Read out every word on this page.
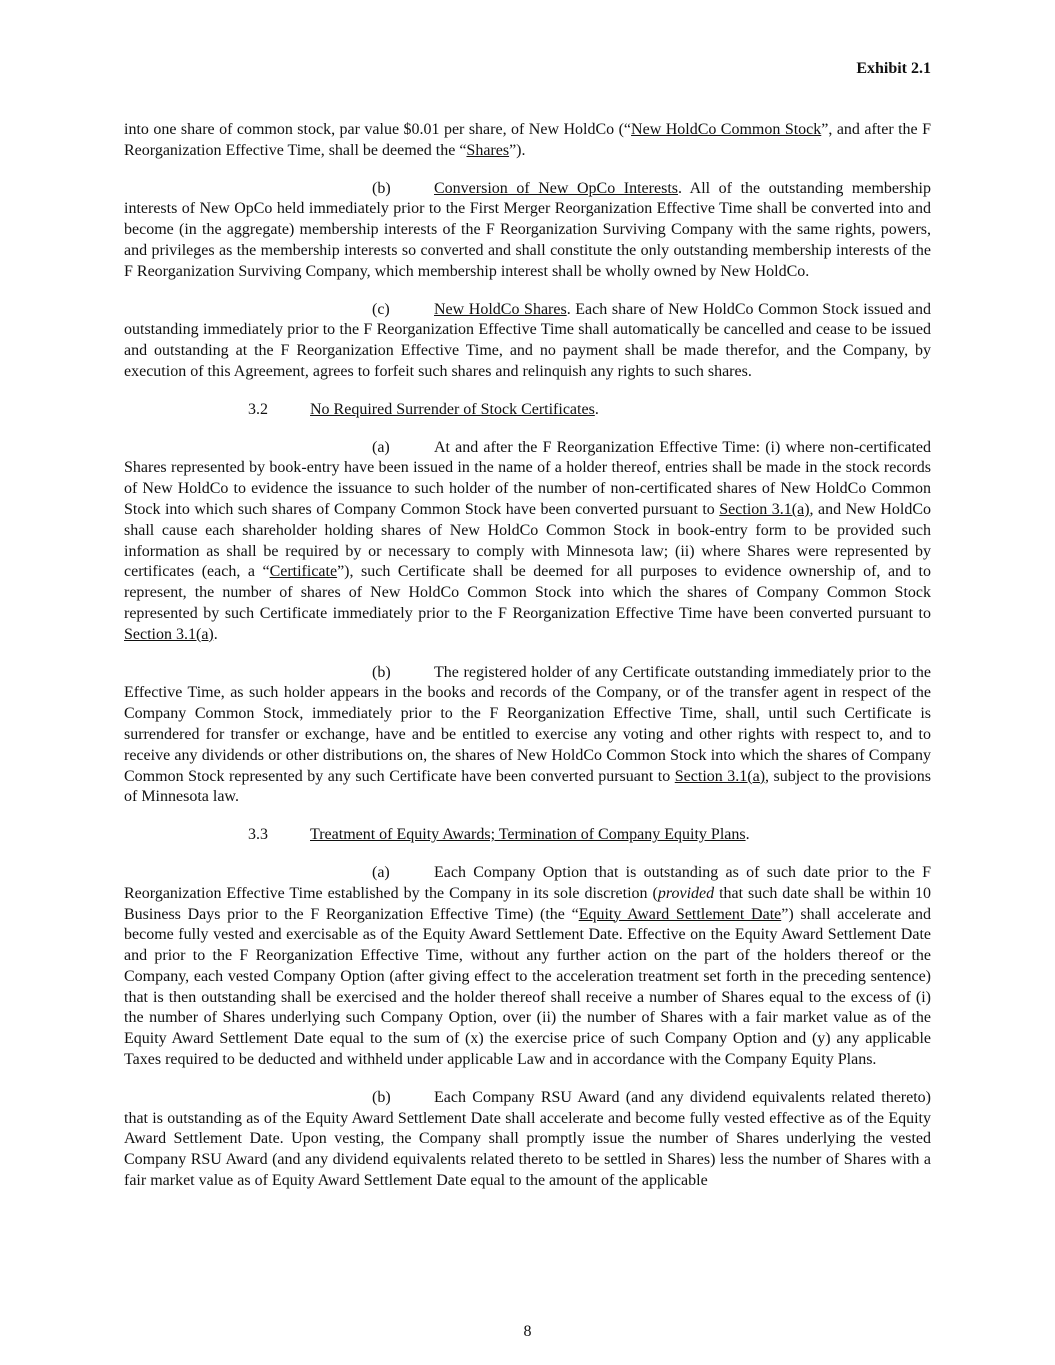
Exhibit 2.1

into one share of common stock, par value $0.01 per share, of New HoldCo (“New HoldCo Common Stock”, and after the F Reorganization Effective Time, shall be deemed the “Shares”).

(b)	Conversion of New OpCo Interests. All of the outstanding membership interests of New OpCo held immediately prior to the First Merger Reorganization Effective Time shall be converted into and become (in the aggregate) membership interests of the F Reorganization Surviving Company with the same rights, powers, and privileges as the membership interests so converted and shall constitute the only outstanding membership interests of the F Reorganization Surviving Company, which membership interest shall be wholly owned by New HoldCo.

(c)	New HoldCo Shares. Each share of New HoldCo Common Stock issued and outstanding immediately prior to the F Reorganization Effective Time shall automatically be cancelled and cease to be issued and outstanding at the F Reorganization Effective Time, and no payment shall be made therefor, and the Company, by execution of this Agreement, agrees to forfeit such shares and relinquish any rights to such shares.

3.2	No Required Surrender of Stock Certificates.

(a)	At and after the F Reorganization Effective Time: (i) where non-certificated Shares represented by book-entry have been issued in the name of a holder thereof, entries shall be made in the stock records of New HoldCo to evidence the issuance to such holder of the number of non-certificated shares of New HoldCo Common Stock into which such shares of Company Common Stock have been converted pursuant to Section 3.1(a), and New HoldCo shall cause each shareholder holding shares of New HoldCo Common Stock in book-entry form to be provided such information as shall be required by or necessary to comply with Minnesota law; (ii) where Shares were represented by certificates (each, a “Certificate”), such Certificate shall be deemed for all purposes to evidence ownership of, and to represent, the number of shares of New HoldCo Common Stock into which the shares of Company Common Stock represented by such Certificate immediately prior to the F Reorganization Effective Time have been converted pursuant to Section 3.1(a).

(b)	The registered holder of any Certificate outstanding immediately prior to the Effective Time, as such holder appears in the books and records of the Company, or of the transfer agent in respect of the Company Common Stock, immediately prior to the F Reorganization Effective Time, shall, until such Certificate is surrendered for transfer or exchange, have and be entitled to exercise any voting and other rights with respect to, and to receive any dividends or other distributions on, the shares of New HoldCo Common Stock into which the shares of Company Common Stock represented by any such Certificate have been converted pursuant to Section 3.1(a), subject to the provisions of Minnesota law.

3.3	Treatment of Equity Awards; Termination of Company Equity Plans.

(a)	Each Company Option that is outstanding as of such date prior to the F Reorganization Effective Time established by the Company in its sole discretion (provided that such date shall be within 10 Business Days prior to the F Reorganization Effective Time) (the “Equity Award Settlement Date”) shall accelerate and become fully vested and exercisable as of the Equity Award Settlement Date. Effective on the Equity Award Settlement Date and prior to the F Reorganization Effective Time, without any further action on the part of the holders thereof or the Company, each vested Company Option (after giving effect to the acceleration treatment set forth in the preceding sentence) that is then outstanding shall be exercised and the holder thereof shall receive a number of Shares equal to the excess of (i) the number of Shares underlying such Company Option, over (ii) the number of Shares with a fair market value as of the Equity Award Settlement Date equal to the sum of (x) the exercise price of such Company Option and (y) any applicable Taxes required to be deducted and withheld under applicable Law and in accordance with the Company Equity Plans.

(b)	Each Company RSU Award (and any dividend equivalents related thereto) that is outstanding as of the Equity Award Settlement Date shall accelerate and become fully vested effective as of the Equity Award Settlement Date. Upon vesting, the Company shall promptly issue the number of Shares underlying the vested Company RSU Award (and any dividend equivalents related thereto to be settled in Shares) less the number of Shares with a fair market value as of Equity Award Settlement Date equal to the amount of the applicable

8
